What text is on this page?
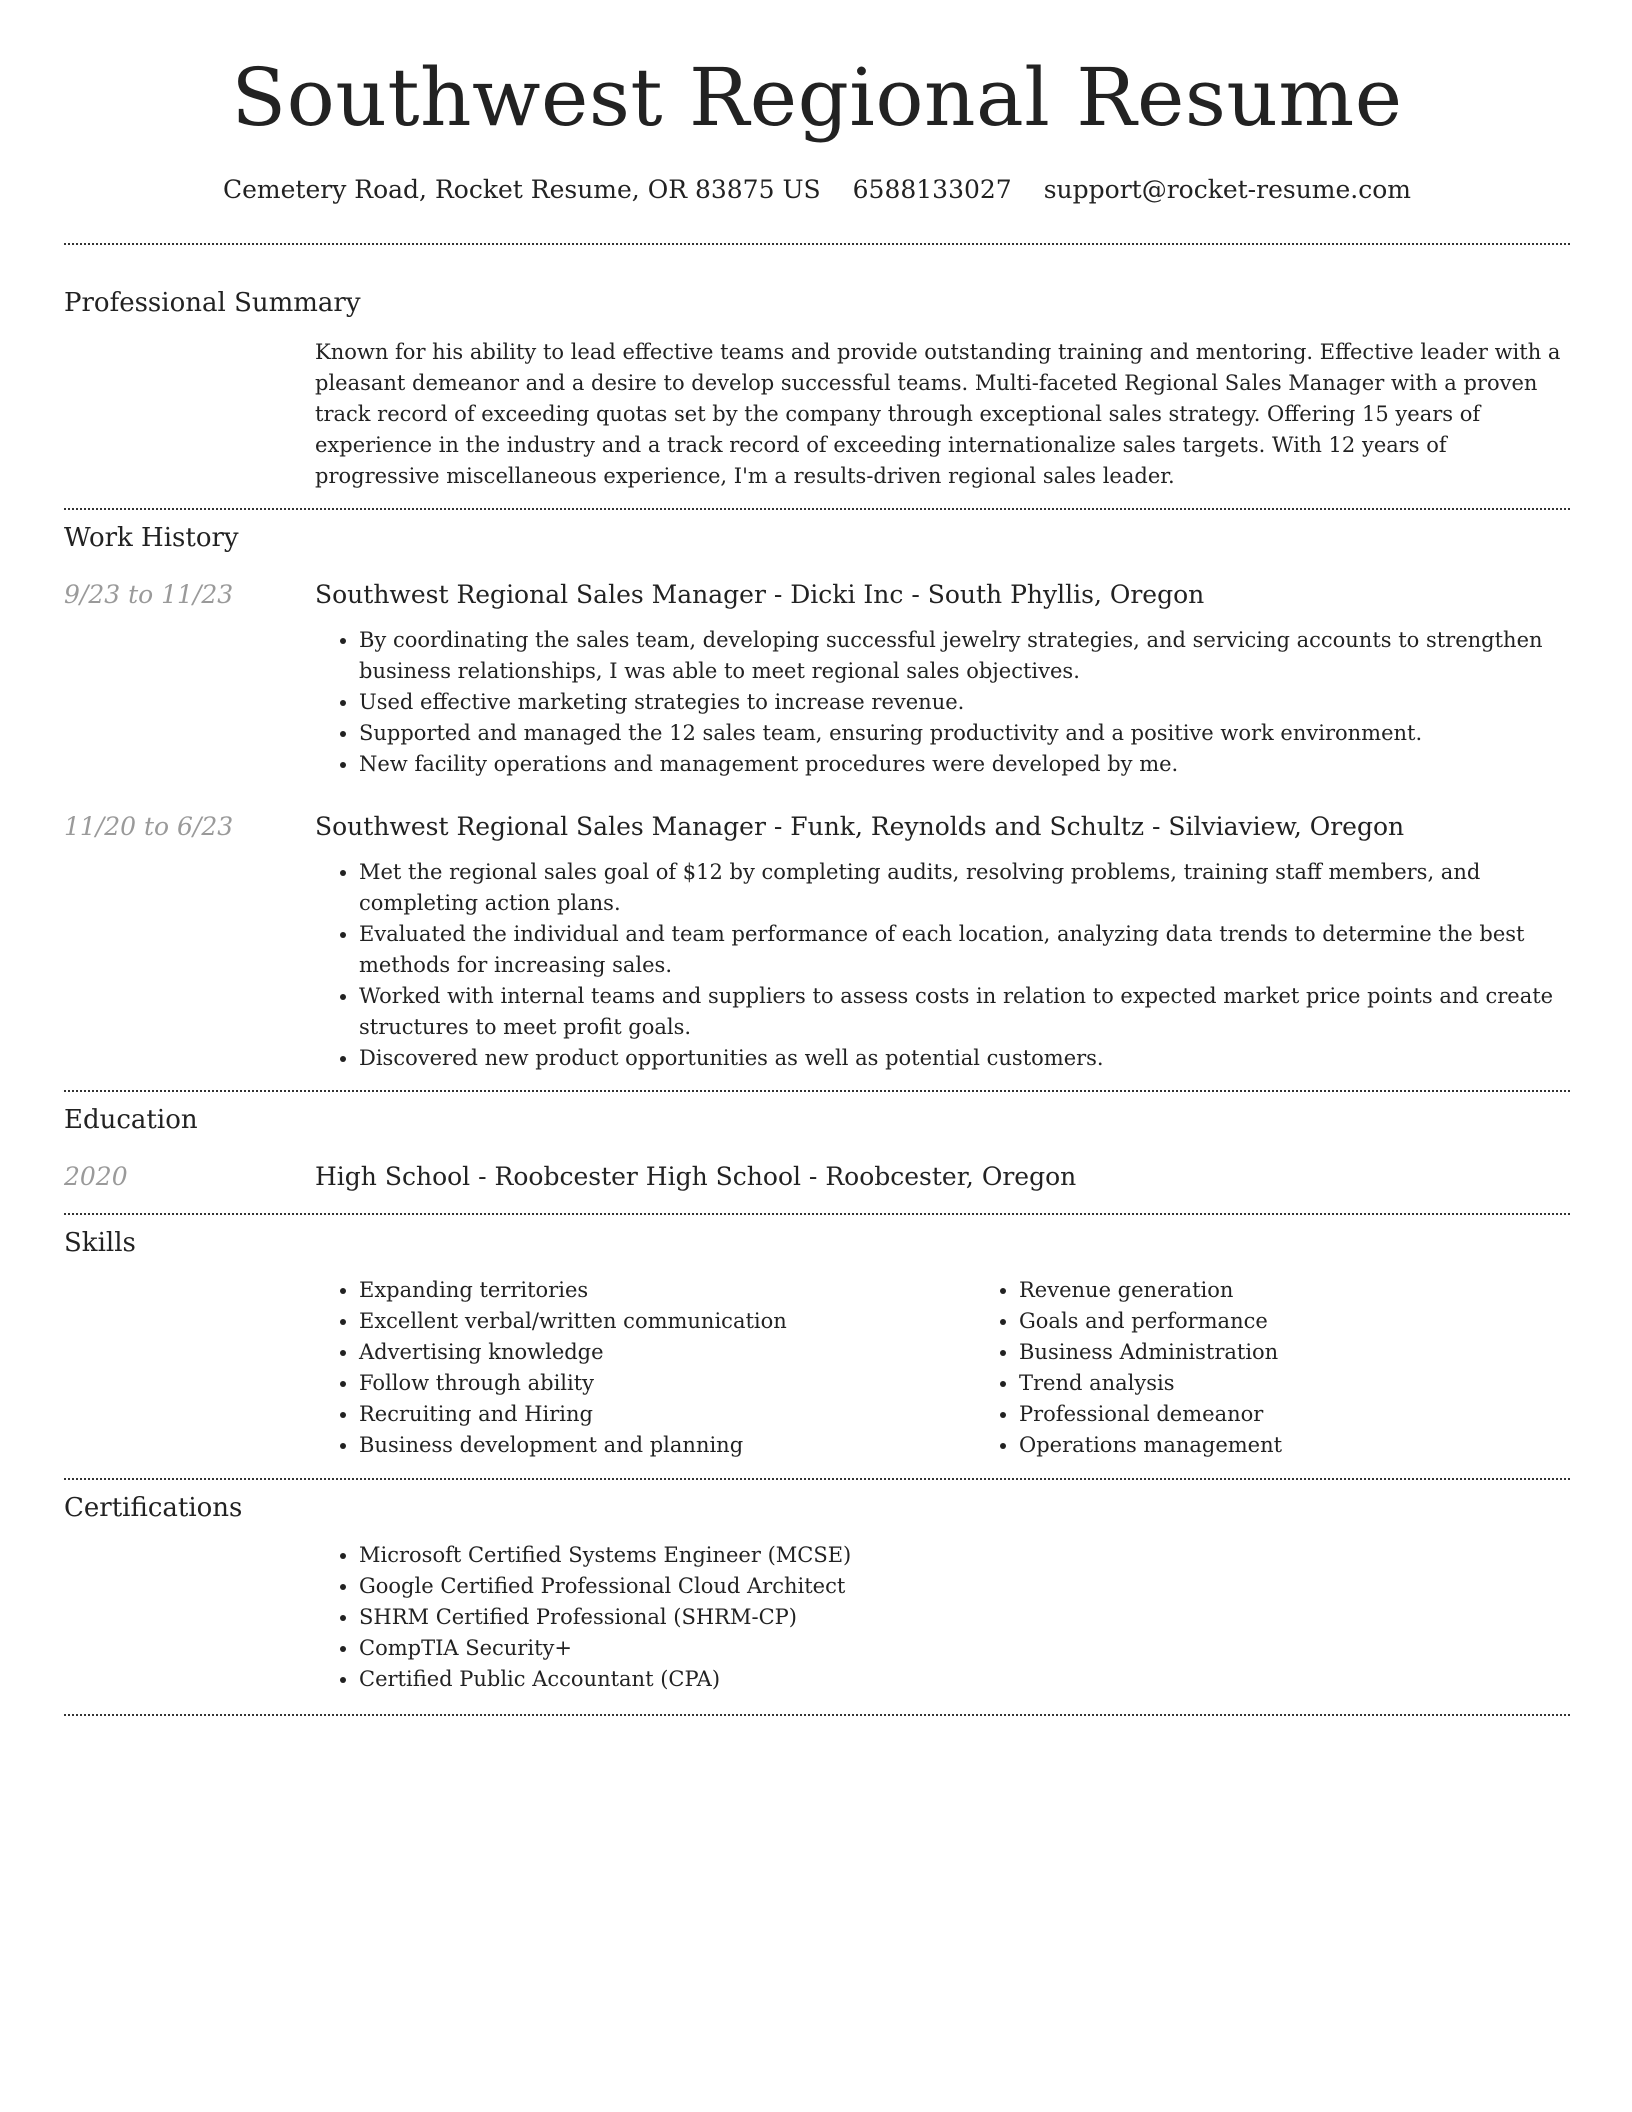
Southwest Regional Resume
Cemetery Road, Rocket Resume, OR 83875 US 6588133027 support@rocket-resume.com
Professional Summary

Known for his ability to lead effective teams and provide outstanding training and mentoring. Effective leader with a pleasant demeanor and a desire to develop successful teams. Multi-faceted Regional Sales Manager with a proven track record of exceeding quotas set by the company through exceptional sales strategy. Offering 15 years of experience in the industry and a track record of exceeding internationalize sales targets. With 12 years of progressive miscellaneous experience, I'm a results-driven regional sales leader.

Work History
9/23 to 11/23	Southwest Regional Sales Manager - Dicki Inc - South Phyllis, Oregon

• By coordinating the sales team, developing successful jewelry strategies, and servicing accounts to strengthen business relationships, I was able to meet regional sales objectives.
• Used effective marketing strategies to increase revenue.
• Supported and managed the 12 sales team, ensuring productivity and a positive work environment.
• New facility operations and management procedures were developed by me.
11/20 to 6/23	Southwest Regional Sales Manager - Funk, Reynolds and Schultz - Silviaview, Oregon

• Met the regional sales goal of $12 by completing audits, resolving problems, training staff members, and completing action plans.
• Evaluated the individual and team performance of each location, analyzing data trends to determine the best methods for increasing sales.
• Worked with internal teams and suppliers to assess costs in relation to expected market price points and create structures to meet profit goals.
• Discovered new product opportunities as well as potential customers.
Education
2020	High School - Roobcester High School - Roobcester, Oregon

Skills
• Expanding territories
• Excellent verbal/written communication
• Advertising knowledge
• Follow through ability
• Recruiting and Hiring
• Business development and planning
• Revenue generation
• Goals and performance
• Business Administration
• Trend analysis
• Professional demeanor
• Operations management
Certifications
• Microsoft Certified Systems Engineer (MCSE)
• Google Certified Professional Cloud Architect
• SHRM Certified Professional (SHRM-CP)
• CompTIA Security+
• Certified Public Accountant (CPA)
